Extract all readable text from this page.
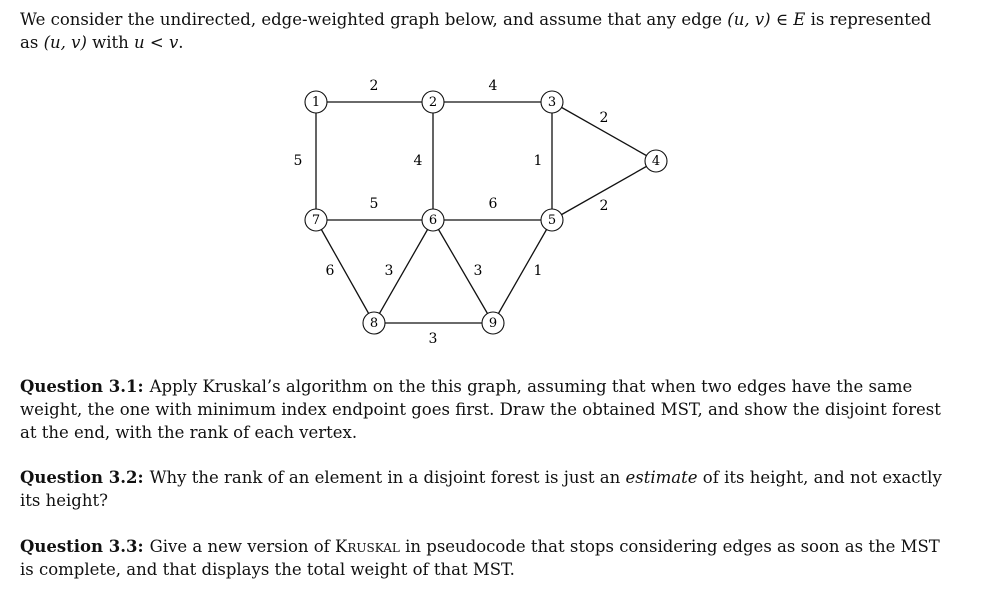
We consider the undirected, edge-weighted graph below, and assume that any edge (u, v) ∈ E is represented as (u, v) with u < v.

2	4
2
5	4	1
2
5	6
6	3	3	1
3
1	2	3
4
5
6
7
8	9

Question 3.1: Apply Kruskal’s algorithm on the this graph, assuming that when two edges have the same weight, the one with minimum index endpoint goes first. Draw the obtained MST, and show the disjoint forest at the end, with the rank of each vertex.

Question 3.2: Why the rank of an element in a disjoint forest is just an estimate of its height, and not exactly its height?

Question 3.3: Give a new version of Kruskal in pseudocode that stops considering edges as soon as the MST is complete, and that displays the total weight of that MST.
